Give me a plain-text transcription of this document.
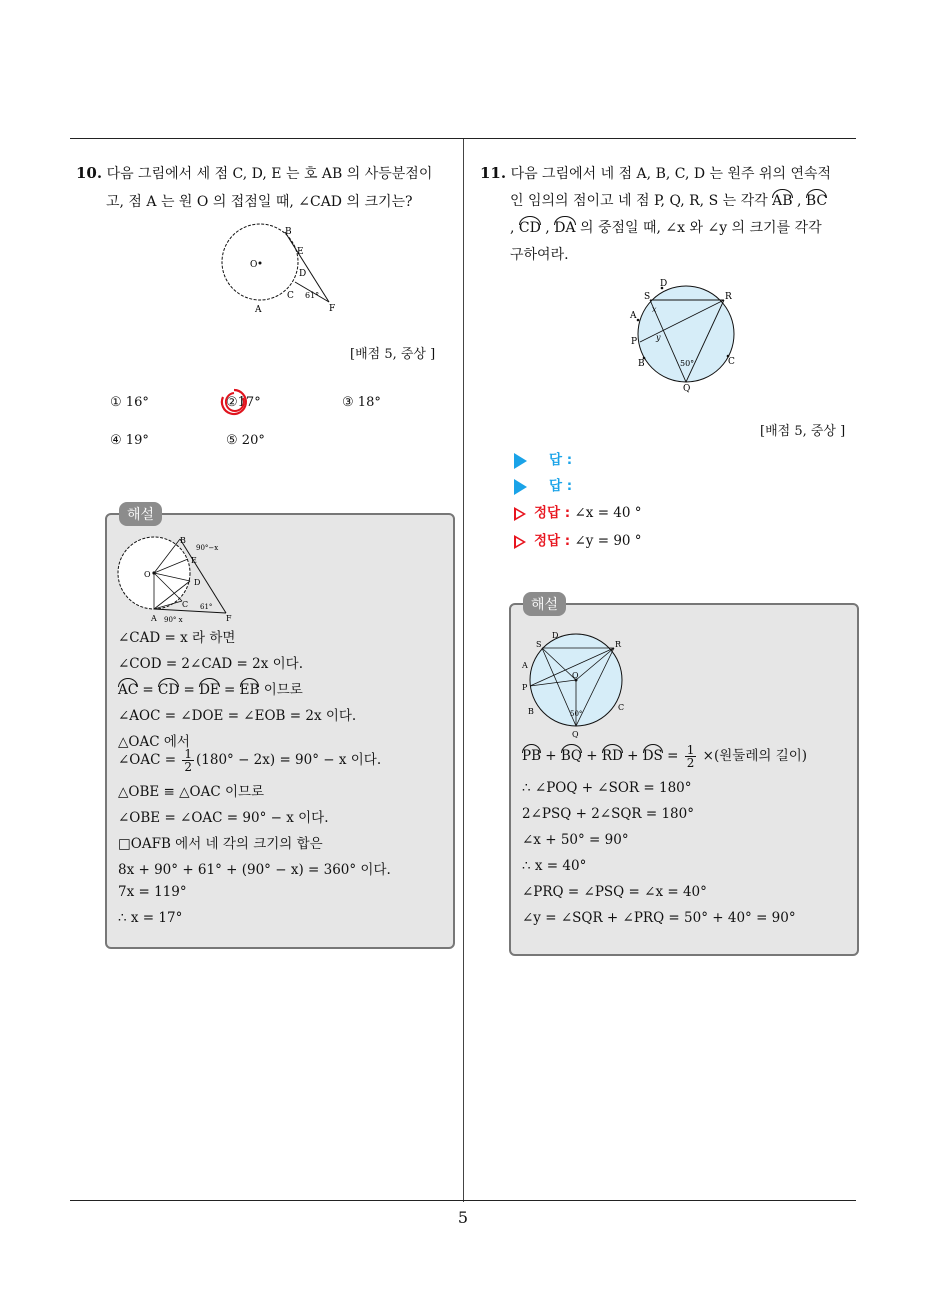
10. 다음 그림에서 세 점 C, D, E 는 호 AB 의 사등분점이
고, 점 A 는 원 O 의 접점일 때, ∠CAD 의 크기는?
B
E
D
C
A
O
F
61°
[배점 5, 중상 ]
① 16°	②17°	③ 18°
④ 19°	⑤ 20°
해설
B
90°−x
E
D
C
O
A 90° x
61°
F
∠CAD = x 라 하면
∠COD = 2∠CAD = 2x 이다.
AC = CD = DE = EB 이므로
∠AOC = ∠DOE = ∠EOB = 2x 이다.
△OAC 에서
∠OAC = $\frac{1}{2} (180^\circ - 2x) = 90^\circ - x$ 이다.
△OBE ≡ △OAC 이므로
∠OBE = ∠OAC = 90° − x 이다.
□OAFB 에서 네 각의 크기의 합은
8x + 90° + 61° + (90° − x) = 360° 이다.
7x = 119°
∴ x = 17°
11. 다음 그림에서 네 점 A, B, C, D 는 원주 위의 연속적
인 임의의 점이고 네 점 P, Q, R, S 는 각각 AB , BC
, CD , DA 의 중점일 때, ∠x 와 ∠y 의 크기를 각각
구하여라.
D
S	R
A
x
P y
B	50°	C
Q
[배점 5, 중상 ]
답 :
답 :
정답 : ∠x = 40 °
정답 : ∠y = 90 °
해설
D
S	R
A
P
B	C
Q
O
50°
PB + BQ + RD + DS = $\frac{1}{2}$ ×(원둘레의 길이)
∴ ∠POQ + ∠SOR = 180°
2∠PSQ + 2∠SQR = 180°
∠x + 50° = 90°
∴ x = 40°
∠PRQ = ∠PSQ = ∠x = 40°
∠y = ∠SQR + ∠PRQ = 50° + 40° = 90°
5
